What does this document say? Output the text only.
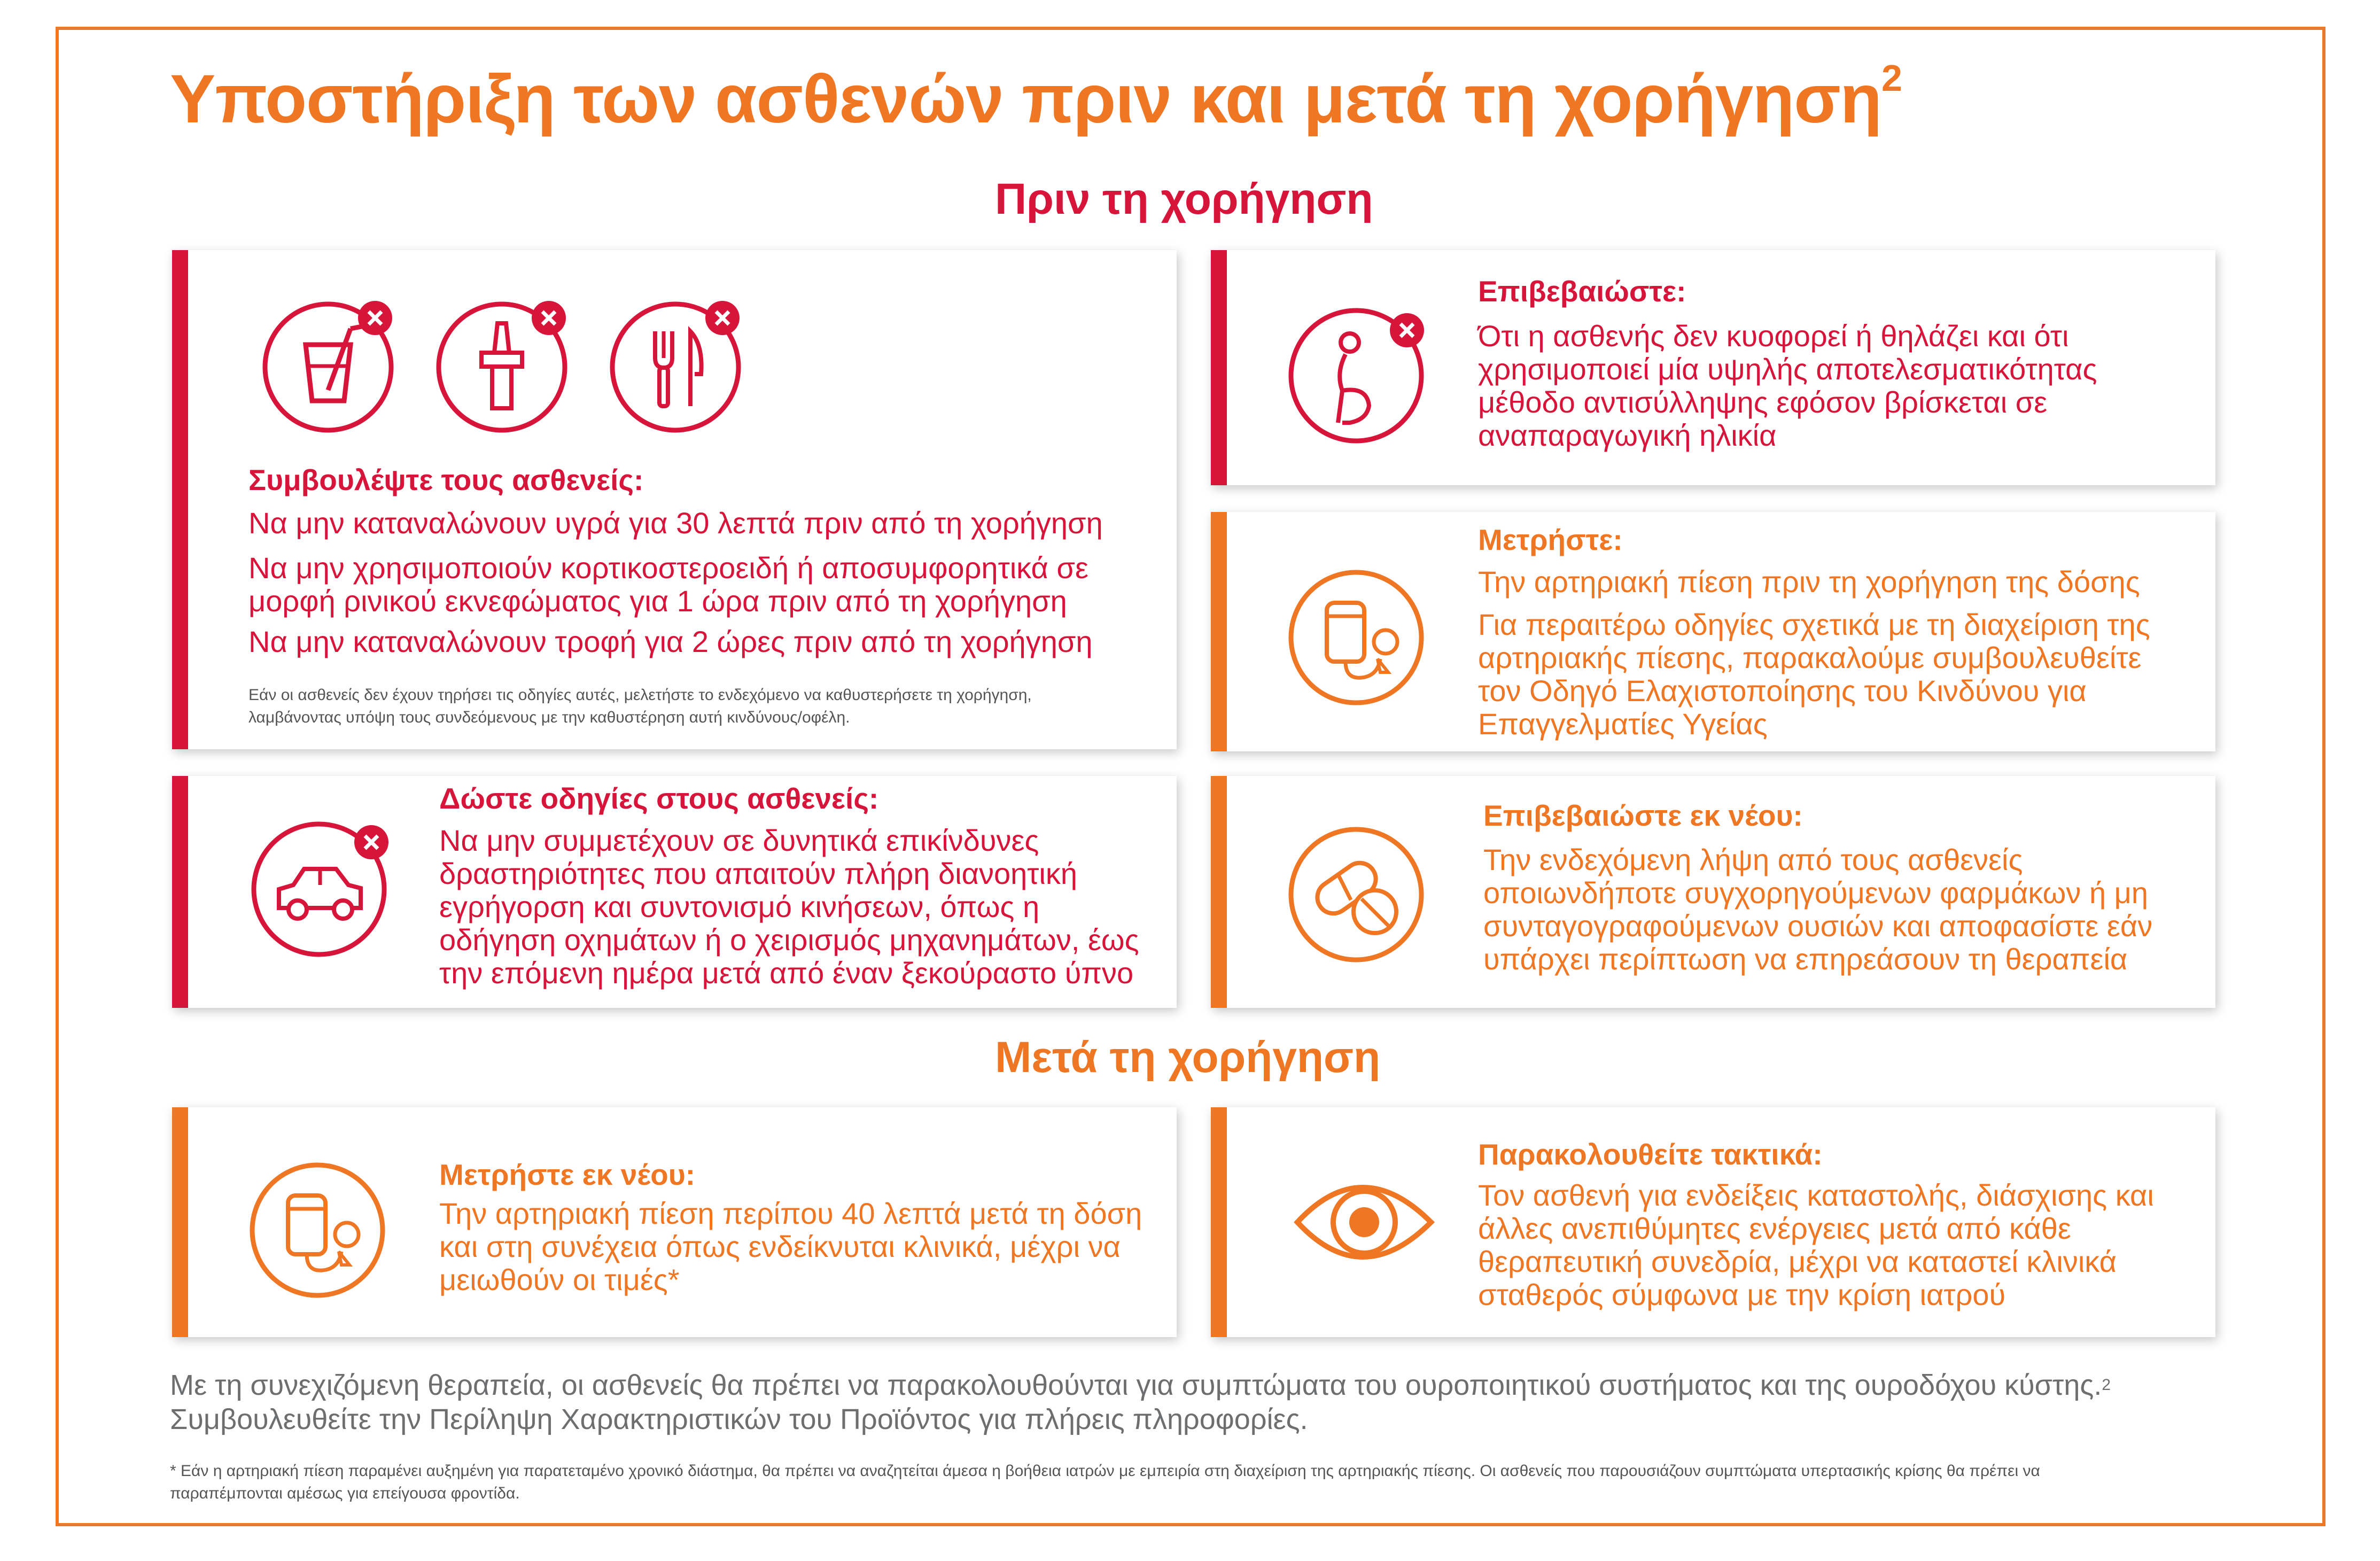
Υποστήριξη των ασθενών πριν και μετά τη χορήγηση$^2$
Πριν τη χορήγηση
Συμβουλέψτε τους ασθενείς:
Να μην καταναλώνουν υγρά για 30 λεπτά πριν από τη χορήγηση
Να μην χρησιμοποιούν κορτικοστεροειδή ή αποσυμφορητικά σε μορφή ρινικού εκνεφώματος για 1 ώρα πριν από τη χορήγηση
Να μην καταναλώνουν τροφή για 2 ώρες πριν από τη χορήγηση
Εάν οι ασθενείς δεν έχουν τηρήσει τις οδηγίες αυτές, μελετήστε το ενδεχόμενο να καθυστερήσετε τη χορήγηση, λαμβάνοντας υπόψη τους συνδεόμενους με την καθυστέρηση αυτή κινδύνους/οφέλη.
Επιβεβαιώστε:
Ότι η ασθενής δεν κυοφορεί ή θηλάζει και ότι χρησιμοποιεί μία υψηλής αποτελεσματικότητας μέθοδο αντισύλληψης εφόσον βρίσκεται σε αναπαραγωγική ηλικία
Μετρήστε:
Την αρτηριακή πίεση πριν τη χορήγηση της δόσης
Για περαιτέρω οδηγίες σχετικά με τη διαχείριση της αρτηριακής πίεσης, παρακαλούμε συμβουλευθείτε τον Οδηγό Ελαχιστοποίησης του Κινδύνου για Επαγγελματίες Υγείας
Δώστε οδηγίες στους ασθενείς:
Να μην συμμετέχουν σε δυνητικά επικίνδυνες δραστηριότητες που απαιτούν πλήρη διανοητική εγρήγορση και συντονισμό κινήσεων, όπως η οδήγηση οχημάτων ή ο χειρισμός μηχανημάτων, έως την επόμενη ημέρα μετά από έναν ξεκούραστο ύπνο
Επιβεβαιώστε εκ νέου:
Την ενδεχόμενη λήψη από τους ασθενείς οποιωνδήποτε συγχορηγούμενων φαρμάκων ή μη συνταγογραφούμενων ουσιών και αποφασίστε εάν υπάρχει περίπτωση να επηρεάσουν τη θεραπεία
Μετά τη χορήγηση
Μετρήστε εκ νέου:
Την αρτηριακή πίεση περίπου 40 λεπτά μετά τη δόση και στη συνέχεια όπως ενδείκνυται κλινικά, μέχρι να μειωθούν οι τιμές*
Παρακολουθείτε τακτικά:
Τον ασθενή για ενδείξεις καταστολής, διάσχισης και άλλες ανεπιθύμητες ενέργειες μετά από κάθε θεραπευτική συνεδρία, μέχρι να καταστεί κλινικά σταθερός σύμφωνα με την κρίση ιατρού
Με τη συνεχιζόμενη θεραπεία, οι ασθενείς θα πρέπει να παρακολουθούνται για συμπτώματα του ουροποιητικού συστήματος και της ουροδόχου κύστης.$^2$
Συμβουλευθείτε την Περίληψη Χαρακτηριστικών του Προϊόντος για πλήρεις πληροφορίες.
* Εάν η αρτηριακή πίεση παραμένει αυξημένη για παρατεταμένο χρονικό διάστημα, θα πρέπει να αναζητείται άμεσα η βοήθεια ιατρών με εμπειρία στη διαχείριση της αρτηριακής πίεσης. Οι ασθενείς που παρουσιάζουν συμπτώματα υπερτασικής κρίσης θα πρέπει να παραπέμπονται αμέσως για επείγουσα φροντίδα.
